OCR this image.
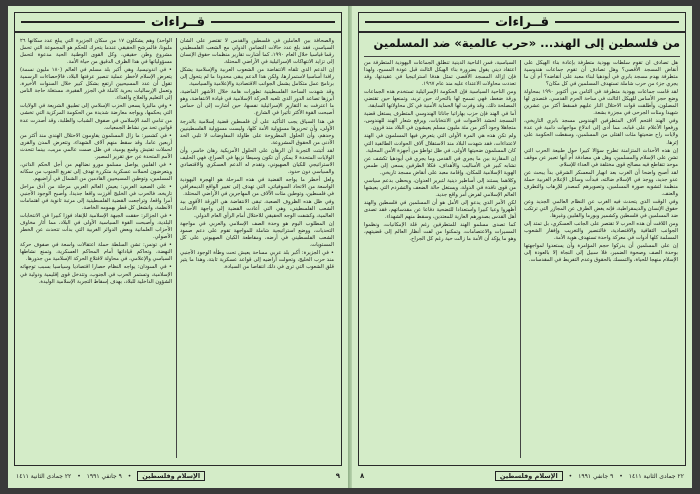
قــراءات

الواحد) وهم يشكلون ١٧ من سكان الجزيرة التي يبلغ عدد سكانها ٢٦ مليونا، فالمرشح الحقيقي عندما يتحرك للحكم هو المجموعة التي تحمل مشروع وطن حقيقي، وكل القوى الوطنية الحية مدعوة لتحمل مسؤولياتها في هذا الظرف الدقيق من حياة الأمة.

• في اندونيسيا، وهي أكبر بلد مسلم في العالم (١٨٠ مليون نسمة) يتعرض الإسلام لأخطر عملية تنصير عرفتها البلاد، فالإحصاءات الرسمية تقول أن عدد المسيحيين ارتفع بشكل كبير خلال السنوات الأخيرة، وتعمل الإرساليات بحرية كاملة في الجزر الفقيرة، مستغلة حاجة الناس إلى التعليم والعلاج والغذاء.

• وفي ماليزيا يسعى الحزب الإسلامي إلى تطبيق الشريعة في الولايات التي يحكمها، ويواجه معارضة شديدة من الحكومة المركزية التي تخشى من تنامي المد الإسلامي في صفوف الشباب والطلبة، وقد أصدرت عدة قوانين تحد من نشاط الجمعيات.

• في كشمير: ما زال المسلمون يقاومون الاحتلال الهندي منذ أكثر من أربعين عاما، وقد سقط منهم آلاف الشهداء، وتتعرض المدن والقرى لحملات تفتيش وقمع يومية، في ظل صمت عالمي مريب، بينما تتحدث الأمم المتحدة عن حق تقرير المصير.

• في الفلبين يواصل مسلمو مورو نضالهم من أجل الحكم الذاتي، ويتعرضون لحملات عسكرية متكررة تهدف إلى تفريغ الجنوب من سكانه المسلمين، وتوطين المسيحيين القادمين من الشمال في أراضيهم.

• على الصعيد العربي: يعيش العالم العربي مرحلة من أدق مراحل تاريخه، فالحرب في الخليج أفرزت واقعا جديدا، وأصبح الوجود الأجنبي أمرا واقعا، وتراجعت القضية الفلسطينية إلى مرتبة ثانوية في اهتمامات الأنظمة، وانشغل كل قطر بهمومه الخاصة.

• في الجزائر: حققت الجبهة الإسلامية للإنقاذ فوزا كبيرا في الانتخابات البلدية، وأصبحت القوة السياسية الأولى في البلاد، مما أثار مخاوف الأحزاب العلمانية وبعض الدوائر الغربية التي بدأت تتحدث عن الخطر الأصولي.

• في تونس: تشن السلطة حملة اعتقالات واسعة في صفوف حركة النهضة، وتحاكم قياداتها أمام المحاكم العسكرية، وتمنع نشاطها السياسي والإعلامي، في محاولة لاقتلاع الحركة الإسلامية من جذورها.

• في السودان: يواجه النظام حصارا اقتصاديا وسياسيا بسبب توجهاته الإسلامية، وتستمر الحرب في الجنوب، وتتدخل قوى إقليمية ودولية في الشؤون الداخلية للبلاد، بهدف إسقاط التجربة الإسلامية الوليدة.

والصحافة بين العاملين في فلسطين والقدس لا تقتصر على الشأن السياسي، فقد بلغ عدد حالات التضامن الدولي مع الشعب الفلسطيني رقما قياسيا خلال العام ١٩٩٠، كما أشارت تقارير منظمات حقوق الإنسان إلى تزايد الانتهاكات الإسرائيلية في الأراضي المحتلة.

إن الدعم الذي تلقاه الانتفاضة من الشعوب العربية والإسلامية يشكل رافدا أساسيا لاستمرارها، ولكن هذا الدعم يبقى محدودا ما لم يتحول إلى برنامج عمل متكامل يشمل الجوانب الاقتصادية والإعلامية والسياسية.

وقد شهدت الساحة الفلسطينية تطورات هامة خلال الأشهر الماضية، أبرزها تصاعد الدور الذي تلعبه الحركة الإسلامية في قيادة الانتفاضة، وهو ما اعترفت به التقارير الإسرائيلية نفسها، حين أشارت إلى أن حماس أصبحت القوة الأكثر تأثيرا في الشارع.

في هذا السياق يجب التأكيد على أن فلسطين قضية إسلامية بالدرجة الأولى، وأن تحريرها مسؤولية الأمة كلها، وليست مسؤولية الفلسطينيين وحدهم، وأن الحلول المطروحة على طاولة المفاوضات لا تلبي الحد الأدنى من الحقوق المشروعة.

لقد أثبتت التجربة أن الرهان على الحلول الأمريكية رهان خاسر، وأن الولايات المتحدة لا يمكن أن تكون وسيطا نزيها في الصراع، فهي الحليف الاستراتيجي للكيان الصهيوني، وتقدم له الدعم العسكري والاقتصادي والسياسي دون حدود.

ولعل أخطر ما يواجه القضية في هذه المرحلة هو الهجرة اليهودية الواسعة من الاتحاد السوفياتي، التي تهدف إلى تغيير الواقع الديمغرافي في فلسطين، وتوطين مئات الآلاف من المهاجرين في الأراضي المحتلة.

وفي ظل هذه الظروف الصعبة، تبقى الانتفاضة هي الورقة الأقوى بيد الشعب الفلسطيني، وهي التي أعادت القضية إلى واجهة الأحداث العالمية، وكشفت الوجه الحقيقي للاحتلال أمام الرأي العام الدولي.

إن المطلوب اليوم هو وحدة الصف الإسلامي والعربي في مواجهة التحديات، ووضع استراتيجية شاملة للمواجهة تقوم على دعم صمود الشعب الفلسطيني في أرضه، ومقاطعة الكيان الصهيوني على كل المستويات.

• في الجزيرة: أكبر بلد عربي مساحة يعيش تحت وطأة الوجود الأجنبي منذ حرب الخليج، وتحولت أراضيه إلى قواعد عسكرية ثابتة، وهذا ما يثير قلق الشعوب التي ترى في ذلك انتقاصا من السيادة.

٩
الإسلام وفلسطين • ٩ جانفي ١٩٩١ • ٢٢ جمادى الثانية ١٤١١
قــراءات
من فلسطين إلى الهند... «حرب عالمية» ضد المسلمين

السياسية، فمن الناحية الدينية تنطلق الجماعات اليهودية المتطرفة من اعتقاد ديني يقول بضرورة بناء الهيكل الثالث قبل عودة المسيح، ولهذا فإن إزالة المسجد الأقصى تمثل هدفا استراتيجيا في عقيدتها، وقد تعددت محاولات الاعتداء عليه منذ عام ١٩٦٧.

ومن الناحية السياسية فإن الحكومة الإسرائيلية تستخدم هذه الجماعات ورقة ضغط، فهي تسمح لها بالتحرك حين تريد، وتمنعها حين تقتضي المصلحة ذلك، وقد وفرت لها الحماية الأمنية في كل محاولاتها السابقة.

أما في الهند فإن حزب بهاراتيا جاناتا الهندوسي المتطرف يستغل قضية المسجد لحشد الأصوات في الانتخابات، ويرفع شعار الهند للهندوس، متجاهلا وجود أكثر من مئة مليون مسلم يعيشون في البلاد منذ قرون.

ولم تكن هذه هي المرة الأولى التي يتعرض فيها المسلمون في الهند لاعتداءات، فقد شهدت البلاد منذ الاستقلال آلاف الحوادث الطائفية التي كان المسلمون ضحيتها الأولى، في ظل تواطؤ من أجهزة الأمن المحلية.

إن المقارنة بين ما يجري في القدس وما يجري في أيودهيا تكشف عن تشابه كبير في الأساليب والأهداف، فكلا الطرفين يسعى إلى طمس الهوية الإسلامية للمكان، وإقامة معبد على أنقاض مسجد تاريخي.

وكلاهما يستند إلى أساطير دينية لتبرير العدوان، ويحظى بدعم سياسي من قوى نافذة في الدولة، ويستغل حالة الضعف والتشرذم التي يعيشها العالم الإسلامي لفرض أمر واقع جديد.

لكن الأمر الذي يدعو إلى الأمل هو أن المسلمين في فلسطين والهند أظهروا وعيا كبيرا واستعدادا للتضحية دفاعا عن مقدساتهم، فقد تصدى أهل القدس بصدورهم العارية للمعتدين، وسقط منهم الشهداء.

كما تصدى مسلمو الهند للمتطرفين رغم قلة الإمكانيات، ونظموا المسيرات والاعتصامات، وتمكنوا من لفت أنظار العالم إلى قضيتهم، وهو ما يؤكد أن الأمة ما زالت حية رغم كل الجراح.

هل تصادف أن تقوم سلطات بهودية متطرفة بإعادة بناء الهيكل على أنقاض المسجد الأقصى؟ وهل تصادف أن تقوم جماعات هندوسية متطرفة بهدم مسجد بابري في أيودهيا لبناء معبد على أنقاضه؟ أم أن ما يجري جزء من حرب شاملة تستهدف المسلمين في كل مكان؟

لقد قامت جماعات يهودية متطرفة في الثامن من أكتوبر ١٩٩٠ بمحاولة وضع حجر الأساس للهيكل الثالث في ساحة الحرم القدسي، فتصدى لها المصلون، وأطلقت قوات الاحتلال النار عليهم فسقط أكثر من عشرين شهيدا ومئات الجرحى في مجزرة بشعة.

وفي الهند اقتحم آلاف المتطرفين الهندوس مسجد بابري التاريخي، ورفعوا الأعلام على قبابه، مما أدى إلى اندلاع مواجهات دامية في عدة ولايات راح ضحيتها مئات القتلى من المسلمين، وسقطت الحكومة على إثرها.

إن هذه الأحداث المتزامنة تطرح سؤالا كبيرا حول طبيعة الحرب التي تشن على الإسلام والمسلمين، وهل هي مصادفة أم أنها تعبير عن موقف موحد تتقاطع فيه مصالح قوى مختلفة في العداء للإسلام.

لقد أصبح واضحا أن الغرب بعد انهيار المعسكر الشرقي بدأ يبحث عن عدو جديد، ووجد في الإسلام ضالته، فبدأت وسائل الإعلام الغربية حملة منظمة لتشويه صورة المسلمين، وتصويرهم كمصدر للإرهاب والتطرف والعنف.

وفي الوقت الذي يتحدث فيه الغرب عن النظام العالمي الجديد وعن حقوق الإنسان والديمقراطية، فإنه يغض الطرف عن المجازر التي ترتكب ضد المسلمين في فلسطين وكشمير وبورما والفلبين وغيرها.

ومن اللافت أن هذه الحرب لا تقتصر على الجانب العسكري، بل تمتد إلى الجوانب الثقافية والاقتصادية، فالتنصير والتغريب وإفقار الشعوب المسلمة كلها أدوات في معركة واحدة تستهدف هوية الأمة.

إن على المسلمين أن يدركوا حجم المؤامرة وأن يستعدوا لمواجهتها بوحدة الصف وصحوة الضمير، فلا سبيل إلى النجاة إلا بالعودة إلى الإسلام منهجا للحياة، والتمسك بالحقوق وعدم التفريط في المقدسات.

٢٢ جمادى الثانية ١٤١١ • ٩ جانفي ١٩٩١ • الإسلام وفلسطين
٨
